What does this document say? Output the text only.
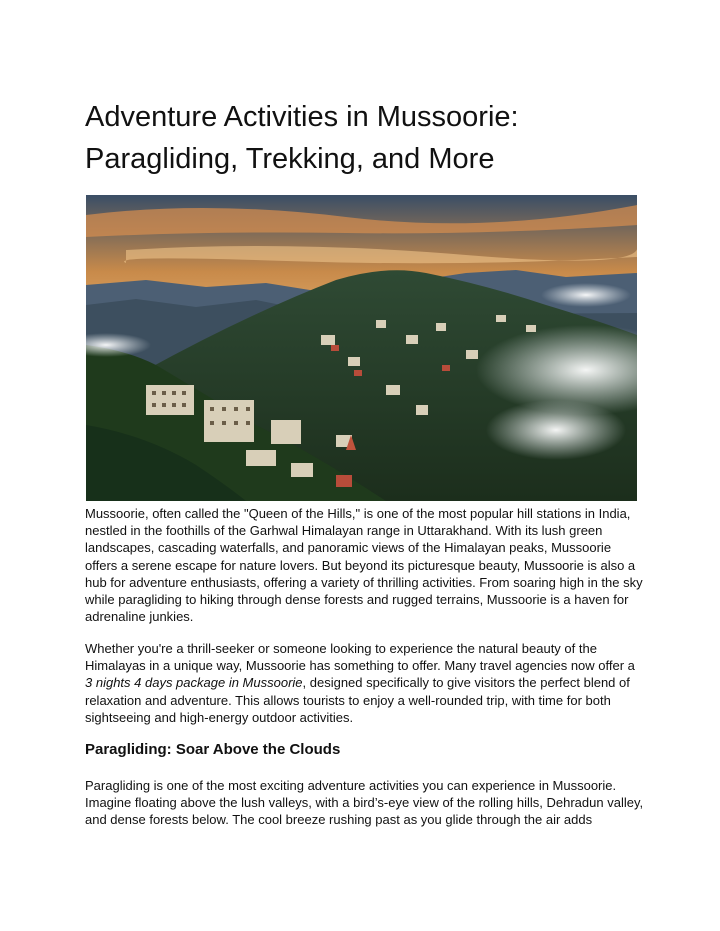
Adventure Activities in Mussoorie: Paragliding, Trekking, and More

Mussoorie, often called the "Queen of the Hills," is one of the most popular hill stations in India, nestled in the foothills of the Garhwal Himalayan range in Uttarakhand. With its lush green landscapes, cascading waterfalls, and panoramic views of the Himalayan peaks, Mussoorie offers a serene escape for nature lovers. But beyond its picturesque beauty, Mussoorie is also a hub for adventure enthusiasts, offering a variety of thrilling activities. From soaring high in the sky while paragliding to hiking through dense forests and rugged terrains, Mussoorie is a haven for adrenaline junkies.

Whether you're a thrill-seeker or someone looking to experience the natural beauty of the Himalayas in a unique way, Mussoorie has something to offer. Many travel agencies now offer a 3 nights 4 days package in Mussoorie, designed specifically to give visitors the perfect blend of relaxation and adventure. This allows tourists to enjoy a well-rounded trip, with time for both sightseeing and high-energy outdoor activities.

Paragliding: Soar Above the Clouds

Paragliding is one of the most exciting adventure activities you can experience in Mussoorie. Imagine floating above the lush valleys, with a bird’s-eye view of the rolling hills, Dehradun valley, and dense forests below. The cool breeze rushing past as you glide through the air adds
